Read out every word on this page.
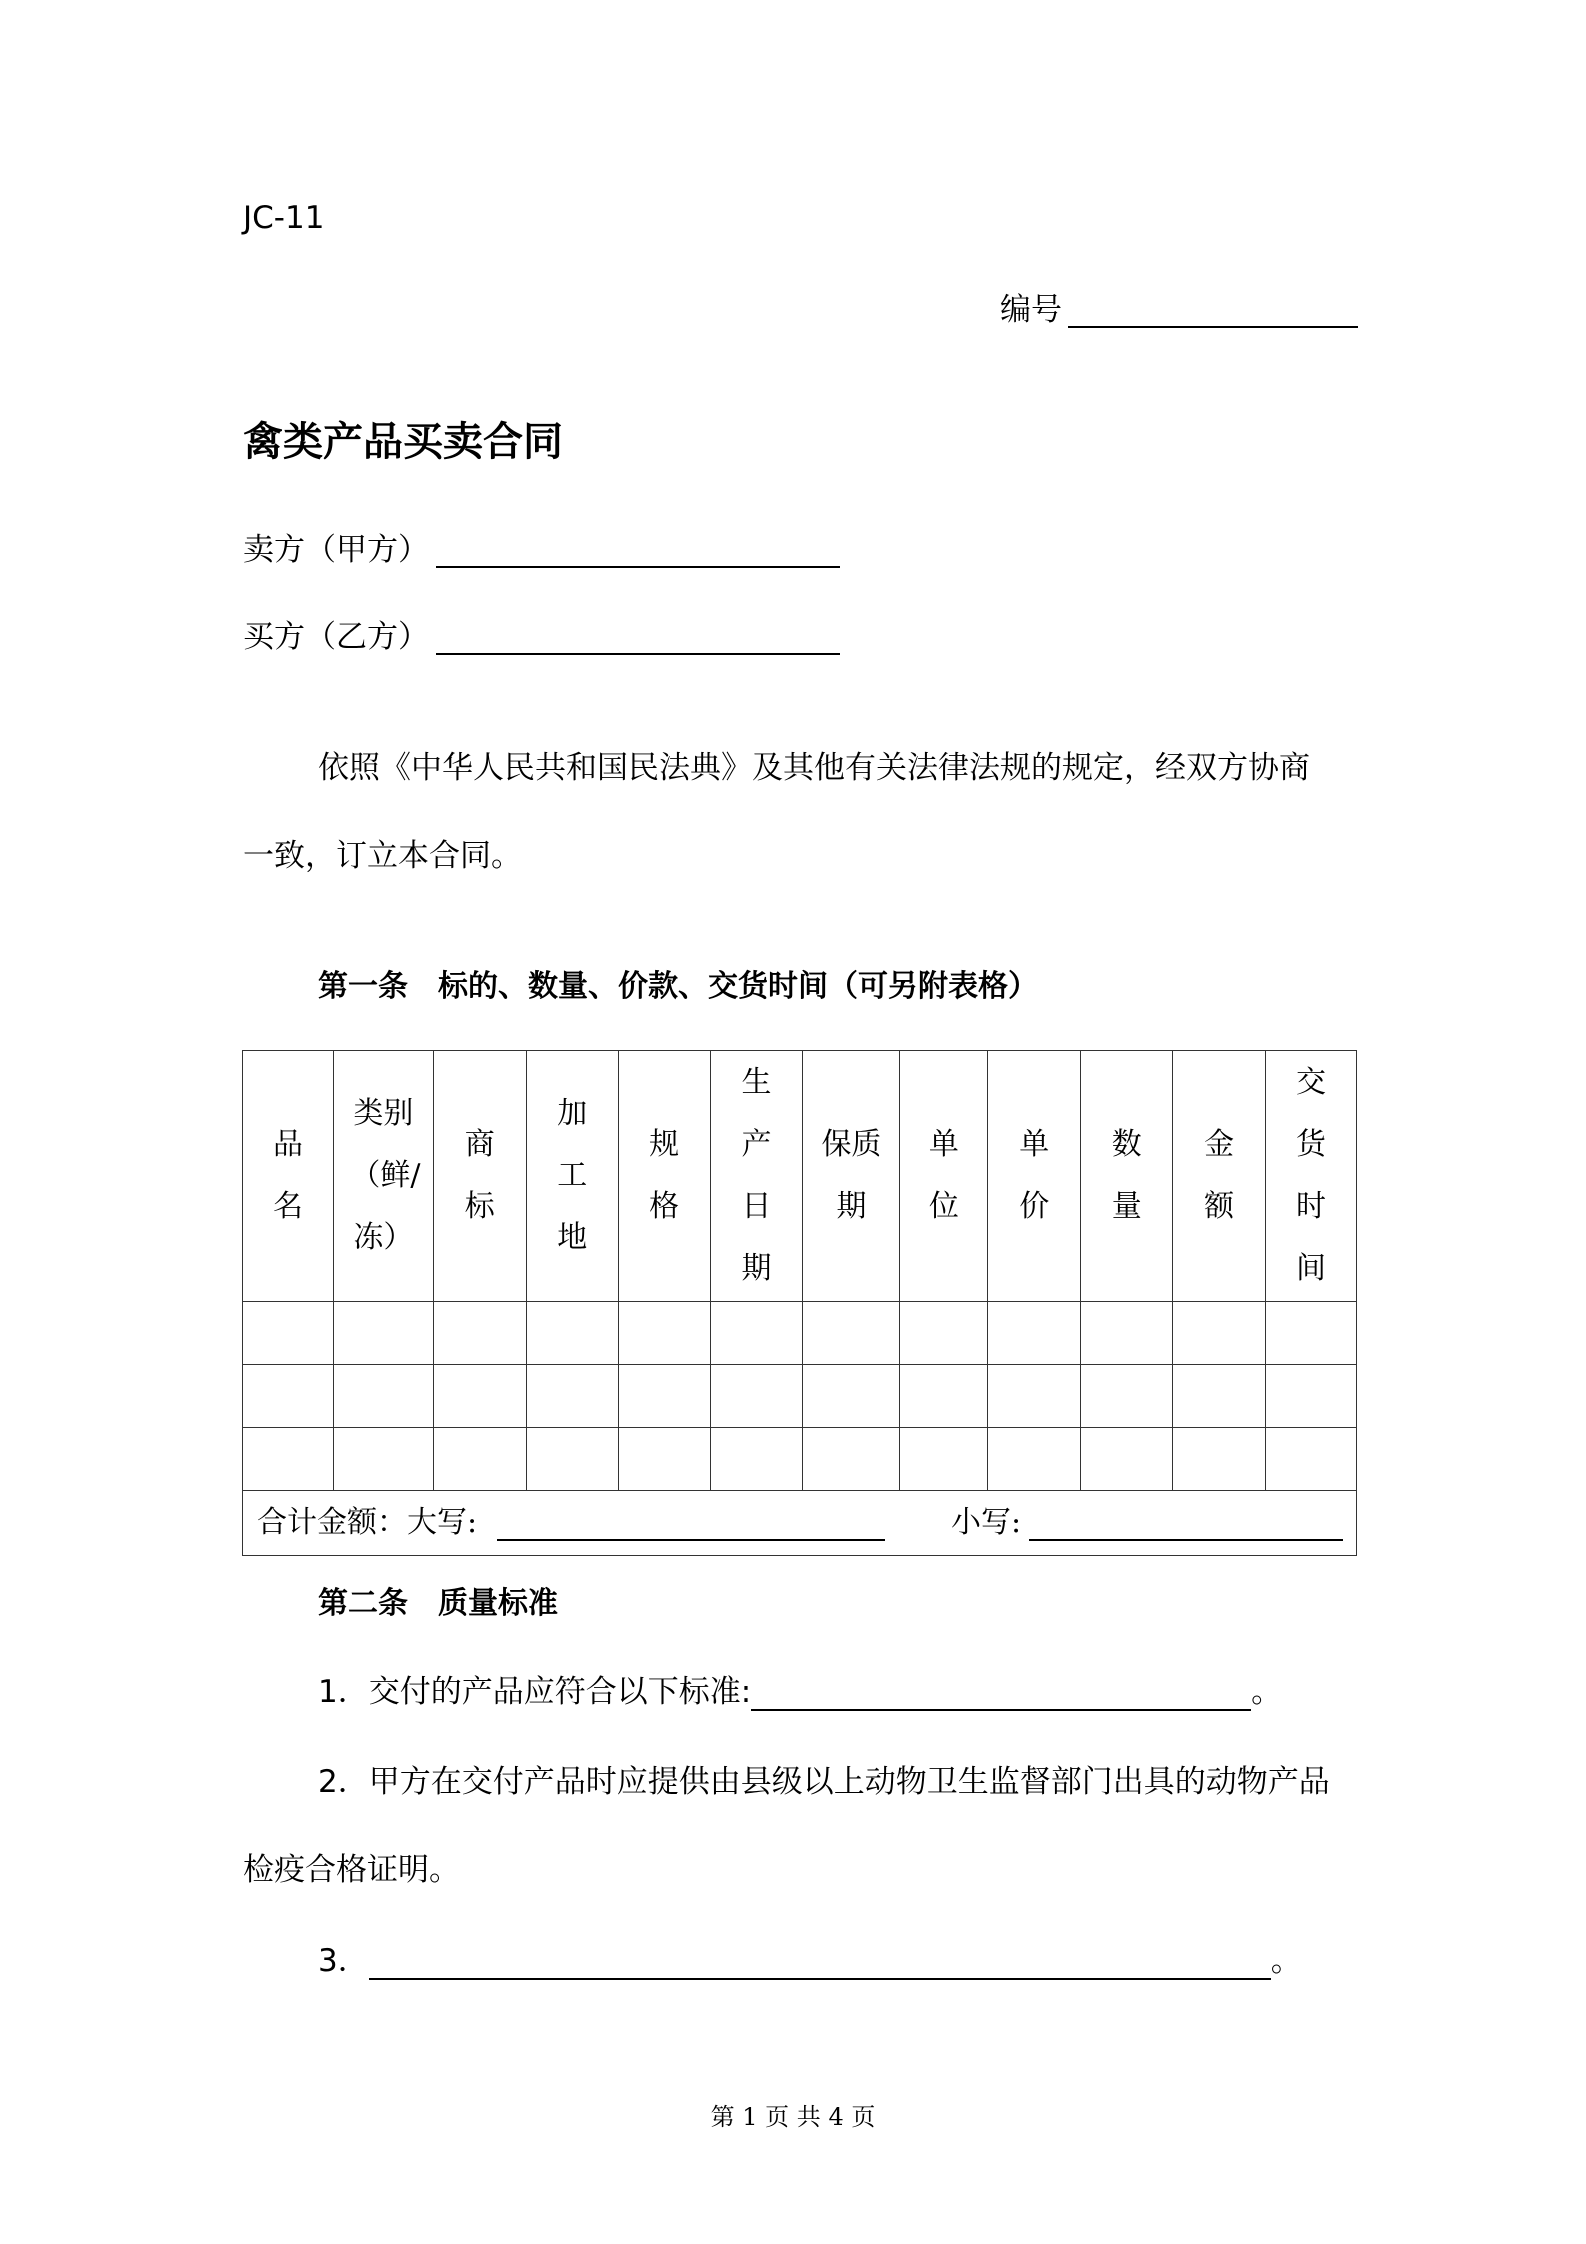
JC-11
编号
禽类产品买卖合同
卖方（甲方）
买方（乙方）
依照《中华人民共和国民法典》及其他有关法律法规的规定，经双方协商
一致，订立本合同。
第一条　标的、数量、价款、交货时间（可另附表格）
品名	类别（鲜/冻）	商标	加工地	规格	生产日期	保质期	单位	单价	数量	金额	交货时间

合计金额：大写: 小写:											
第二条　质量标准
1．交付的产品应符合以下标准:	。
2．甲方在交付产品时应提供由县级以上动物卫生监督部门出具的动物产品
检疫合格证明。
3．	。
第 1 页 共 4 页
